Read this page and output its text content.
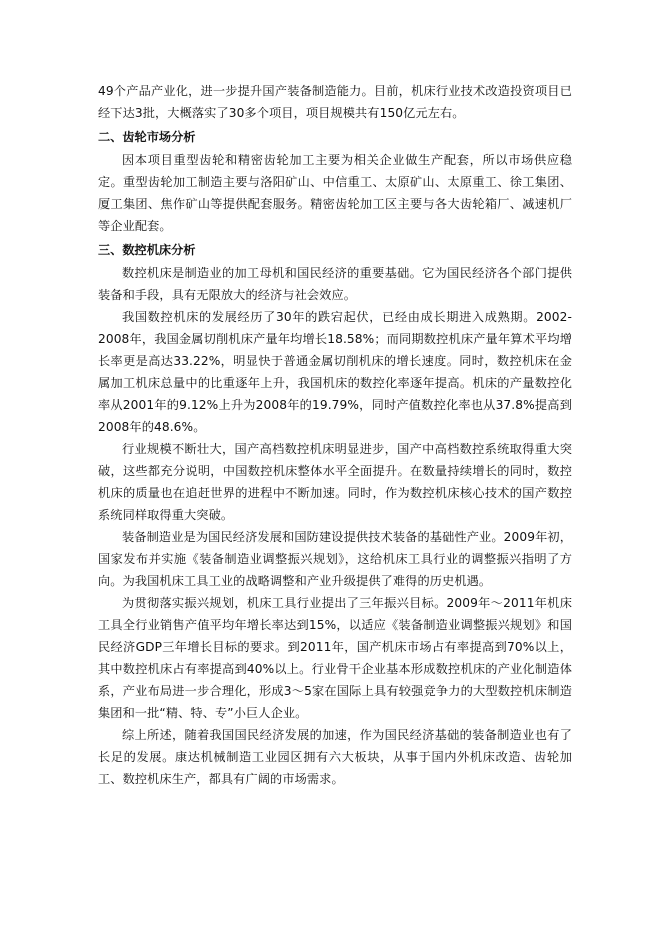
49个产品产业化，进一步提升国产装备制造能力。目前，机床行业技术改造投资项目已经下达3批，大概落实了30多个项目，项目规模共有150亿元左右。

二、齿轮市场分析

因本项目重型齿轮和精密齿轮加工主要为相关企业做生产配套，所以市场供应稳定。重型齿轮加工制造主要与洛阳矿山、中信重工、太原矿山、太原重工、徐工集团、厦工集团、焦作矿山等提供配套服务。精密齿轮加工区主要与各大齿轮箱厂、减速机厂等企业配套。

三、数控机床分析

数控机床是制造业的加工母机和国民经济的重要基础。它为国民经济各个部门提供装备和手段，具有无限放大的经济与社会效应。

我国数控机床的发展经历了30年的跌宕起伏，已经由成长期进入成熟期。2002-2008年，我国金属切削机床产量年均增长18.58%；而同期数控机床产量年算术平均增长率更是高达33.22%，明显快于普通金属切削机床的增长速度。同时，数控机床在金属加工机床总量中的比重逐年上升，我国机床的数控化率逐年提高。机床的产量数控化率从2001年的9.12%上升为2008年的19.79%，同时产值数控化率也从37.8%提高到2008年的48.6%。

行业规模不断壮大，国产高档数控机床明显进步，国产中高档数控系统取得重大突破，这些都充分说明，中国数控机床整体水平全面提升。在数量持续增长的同时，数控机床的质量也在追赶世界的进程中不断加速。同时，作为数控机床核心技术的国产数控系统同样取得重大突破。

装备制造业是为国民经济发展和国防建设提供技术装备的基础性产业。2009年初，国家发布并实施《装备制造业调整振兴规划》，这给机床工具行业的调整振兴指明了方向。为我国机床工具工业的战略调整和产业升级提供了难得的历史机遇。

为贯彻落实振兴规划，机床工具行业提出了三年振兴目标。2009年～2011年机床工具全行业销售产值平均年增长率达到15%，以适应《装备制造业调整振兴规划》和国民经济GDP三年增长目标的要求。到2011年，国产机床市场占有率提高到70%以上，其中数控机床占有率提高到40%以上。行业骨干企业基本形成数控机床的产业化制造体系，产业布局进一步合理化，形成3～5家在国际上具有较强竞争力的大型数控机床制造集团和一批“精、特、专”小巨人企业。

综上所述，随着我国国民经济发展的加速，作为国民经济基础的装备制造业也有了长足的发展。康达机械制造工业园区拥有六大板块，从事于国内外机床改造、齿轮加工、数控机床生产，都具有广阔的市场需求。
